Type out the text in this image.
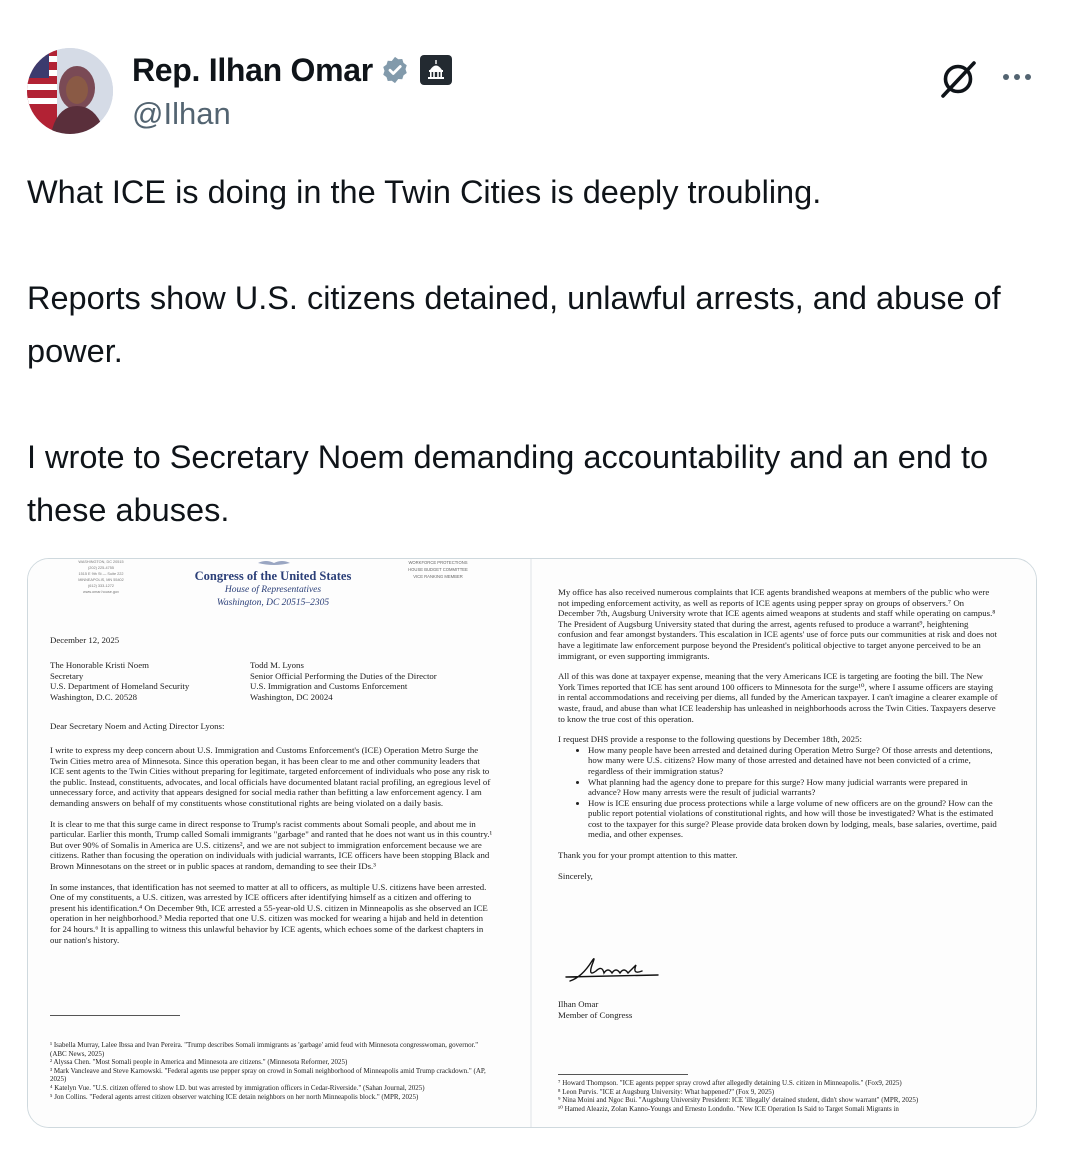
Rep. Ilhan Omar
@Ilhan

What ICE is doing in the Twin Cities is deeply troubling.

Reports show U.S. citizens detained, unlawful arrests, and abuse of power.

I wrote to Secretary Noem demanding accountability and an end to these abuses.

WASHINGTON, DC 20515
(202) 225-4755
1515 E 9th St — Suite 222
MINNEAPOLIS, MN 55402
(612) 333-1272
www.omar.house.gov
Congress of the United States
House of Representatives
Washington, DC 20515–2305
WORKFORCE PROTECTIONS
HOUSE BUDGET COMMITTEE
VICE RANKING MEMBER
December 12, 2025
The Honorable Kristi Noem
Secretary
U.S. Department of Homeland Security
Washington, D.C. 20528
Todd M. Lyons
Senior Official Performing the Duties of the Director
U.S. Immigration and Customs Enforcement
Washington, DC 20024
Dear Secretary Noem and Acting Director Lyons:

I write to express my deep concern about U.S. Immigration and Customs Enforcement's (ICE) Operation Metro Surge the Twin Cities metro area of Minnesota. Since this operation began, it has been clear to me and other community leaders that ICE sent agents to the Twin Cities without preparing for legitimate, targeted enforcement of individuals who pose any risk to the public. Instead, constituents, advocates, and local officials have documented blatant racial profiling, an egregious level of unnecessary force, and activity that appears designed for social media rather than befitting a law enforcement agency. I am demanding answers on behalf of my constituents whose constitutional rights are being violated on a daily basis.

It is clear to me that this surge came in direct response to Trump's racist comments about Somali people, and about me in particular. Earlier this month, Trump called Somali immigrants "garbage" and ranted that he does not want us in this country.¹ But over 90% of Somalis in America are U.S. citizens², and we are not subject to immigration enforcement because we are citizens. Rather than focusing the operation on individuals with judicial warrants, ICE officers have been stopping Black and Brown Minnesotans on the street or in public spaces at random, demanding to see their IDs.³

In some instances, that identification has not seemed to matter at all to officers, as multiple U.S. citizens have been arrested. One of my constituents, a U.S. citizen, was arrested by ICE officers after identifying himself as a citizen and offering to present his identification.⁴ On December 9th, ICE arrested a 55-year-old U.S. citizen in Minneapolis as she observed an ICE operation in her neighborhood.⁵ Media reported that one U.S. citizen was mocked for wearing a hijab and held in detention for 24 hours.⁶ It is appalling to witness this unlawful behavior by ICE agents, which echoes some of the darkest chapters in our nation's history.

¹ Isabella Murray, Lalee Ibssa and Ivan Pereira. "Trump describes Somali immigrants as 'garbage' amid feud with Minnesota congresswoman, governor." (ABC News, 2025)
² Alyssa Chen. "Most Somali people in America and Minnesota are citizens." (Minnesota Reformer, 2025)
³ Mark Vancleave and Steve Karnowski. "Federal agents use pepper spray on crowd in Somali neighborhood of Minneapolis amid Trump crackdown." (AP, 2025)
⁴ Katelyn Vue. "U.S. citizen offered to show I.D. but was arrested by immigration officers in Cedar-Riverside." (Sahan Journal, 2025)
⁵ Jon Collins. "Federal agents arrest citizen observer watching ICE detain neighbors on her north Minneapolis block." (MPR, 2025)

My office has also received numerous complaints that ICE agents brandished weapons at members of the public who were not impeding enforcement activity, as well as reports of ICE agents using pepper spray on groups of observers.⁷ On December 7th, Augsburg University wrote that ICE agents aimed weapons at students and staff while operating on campus.⁸ The President of Augsburg University stated that during the arrest, agents refused to produce a warrant⁹, heightening confusion and fear amongst bystanders. This escalation in ICE agents' use of force puts our communities at risk and does not have a legitimate law enforcement purpose beyond the President's political objective to target anyone perceived to be an immigrant, or even supporting immigrants.

All of this was done at taxpayer expense, meaning that the very Americans ICE is targeting are footing the bill. The New York Times reported that ICE has sent around 100 officers to Minnesota for the surge¹⁰, where I assume officers are staying in rental accommodations and receiving per diems, all funded by the American taxpayer. I can't imagine a clearer example of waste, fraud, and abuse than what ICE leadership has unleashed in neighborhoods across the Twin Cities. Taxpayers deserve to know the true cost of this operation.

I request DHS provide a response to the following questions by December 18th, 2025:

• How many people have been arrested and detained during Operation Metro Surge? Of those arrests and detentions, how many were U.S. citizens? How many of those arrested and detained have not been convicted of a crime, regardless of their immigration status?
• What planning had the agency done to prepare for this surge? How many judicial warrants were prepared in advance? How many arrests were the result of judicial warrants?
• How is ICE ensuring due process protections while a large volume of new officers are on the ground? How can the public report potential violations of constitutional rights, and how will those be investigated? What is the estimated cost to the taxpayer for this surge? Please provide data broken down by lodging, meals, base salaries, overtime, paid media, and other expenses.

Thank you for your prompt attention to this matter.

Sincerely,

Ilhan Omar
Member of Congress
⁷ Howard Thompson. "ICE agents pepper spray crowd after allegedly detaining U.S. citizen in Minneapolis." (Fox9, 2025)
⁸ Leon Purvis. "ICE at Augsburg University: What happened?" (Fox 9, 2025)
⁹ Nina Moini and Ngoc Bui. "Augsburg University President: ICE 'illegally' detained student, didn't show warrant" (MPR, 2025)
¹⁰ Hamed Aleaziz, Zolan Kanno-Youngs and Ernesto Londoño. "New ICE Operation Is Said to Target Somali Migrants in
